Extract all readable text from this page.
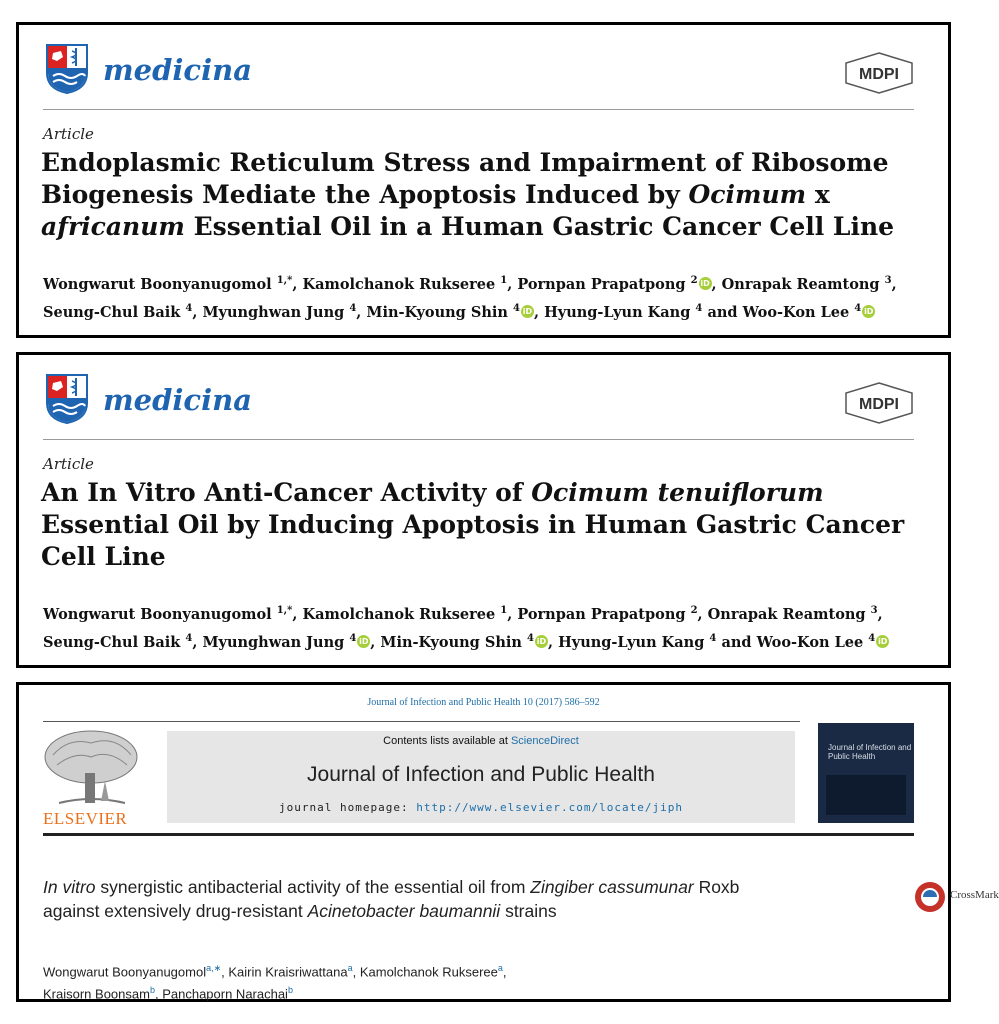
medicina	MDPI
Article
Endoplasmic Reticulum Stress and Impairment of Ribosome Biogenesis Mediate the Apoptosis Induced by Ocimum x africanum Essential Oil in a Human Gastric Cancer Cell Line
Wongwarut Boonyanugomol $^{1,*}$, Kamolchanok Rukseree $^1$, Pornpan Prapatpong $^2$ iD , Onrapak Reamtong $^3$,
Seung-Chul Baik $^4$, Myunghwan Jung $^4$, Min-Kyoung Shin $^4$ iD , Hyung-Lyun Kang $^4$ and Woo-Kon Lee $^4$ iD
medicina	MDPI
Article
An In Vitro Anti-Cancer Activity of Ocimum tenuiflorum Essential Oil by Inducing Apoptosis in Human Gastric Cancer Cell Line
Wongwarut Boonyanugomol $^{1,*}$, Kamolchanok Rukseree $^1$, Pornpan Prapatpong $^2$, Onrapak Reamtong $^3$,
Seung-Chul Baik $^4$, Myunghwan Jung $^4$ iD , Min-Kyoung Shin $^4$ iD , Hyung-Lyun Kang $^4$ and Woo-Kon Lee $^4$ iD
Journal of Infection and Public Health 10 (2017) 586–592
ELSEVIER
Contents lists available at ScienceDirect
Journal of Infection and Public Health
journal homepage: http://www.elsevier.com/locate/jiph
Journal of Infection and Public Health
In vitro synergistic antibacterial activity of the essential oil from Zingiber cassumunar Roxb against extensively drug-resistant Acinetobacter baumannii strains
CrossMark
Wongwarut Boonyanugomol$^{a,∗}$, Kairin Kraisriwattana$^a$, Kamolchanok Rukseree$^a$,
Kraisorn Boonsam$^b$, Panchaporn Narachai$^b$
